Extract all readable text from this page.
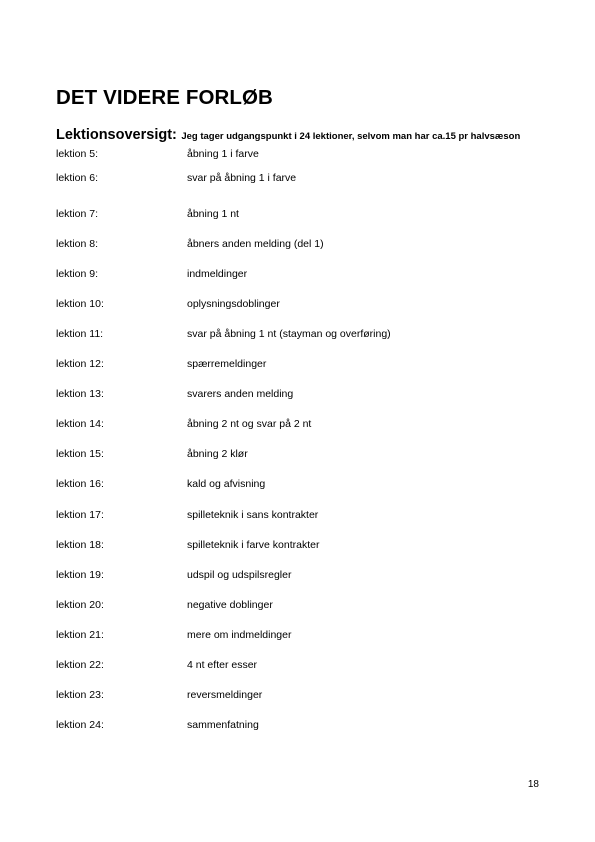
DET VIDERE FORLØB
Lektionsoversigt: Jeg tager udgangspunkt i 24 lektioner, selvom man har ca.15 pr halvsæson
lektion 5:	åbning 1 i farve
lektion 6:	svar på åbning 1 i farve
lektion 7:	åbning 1 nt
lektion 8:	åbners anden melding (del 1)
lektion 9:	indmeldinger
lektion 10:	oplysningsdoblinger
lektion 11:	svar på åbning 1 nt (stayman og overføring)
lektion 12:	spærremeldinger
lektion 13:	svarers anden melding
lektion 14:	åbning 2 nt og svar på 2 nt
lektion 15:	åbning 2 klør
lektion 16:	kald og afvisning
lektion 17:	spilleteknik i sans kontrakter
lektion 18:	spilleteknik i farve kontrakter
lektion 19:	udspil og udspilsregler
lektion 20:	negative doblinger
lektion 21:	mere om indmeldinger
lektion 22:	4 nt efter esser
lektion 23:	reversmeldinger
lektion 24:	sammenfatning
18
